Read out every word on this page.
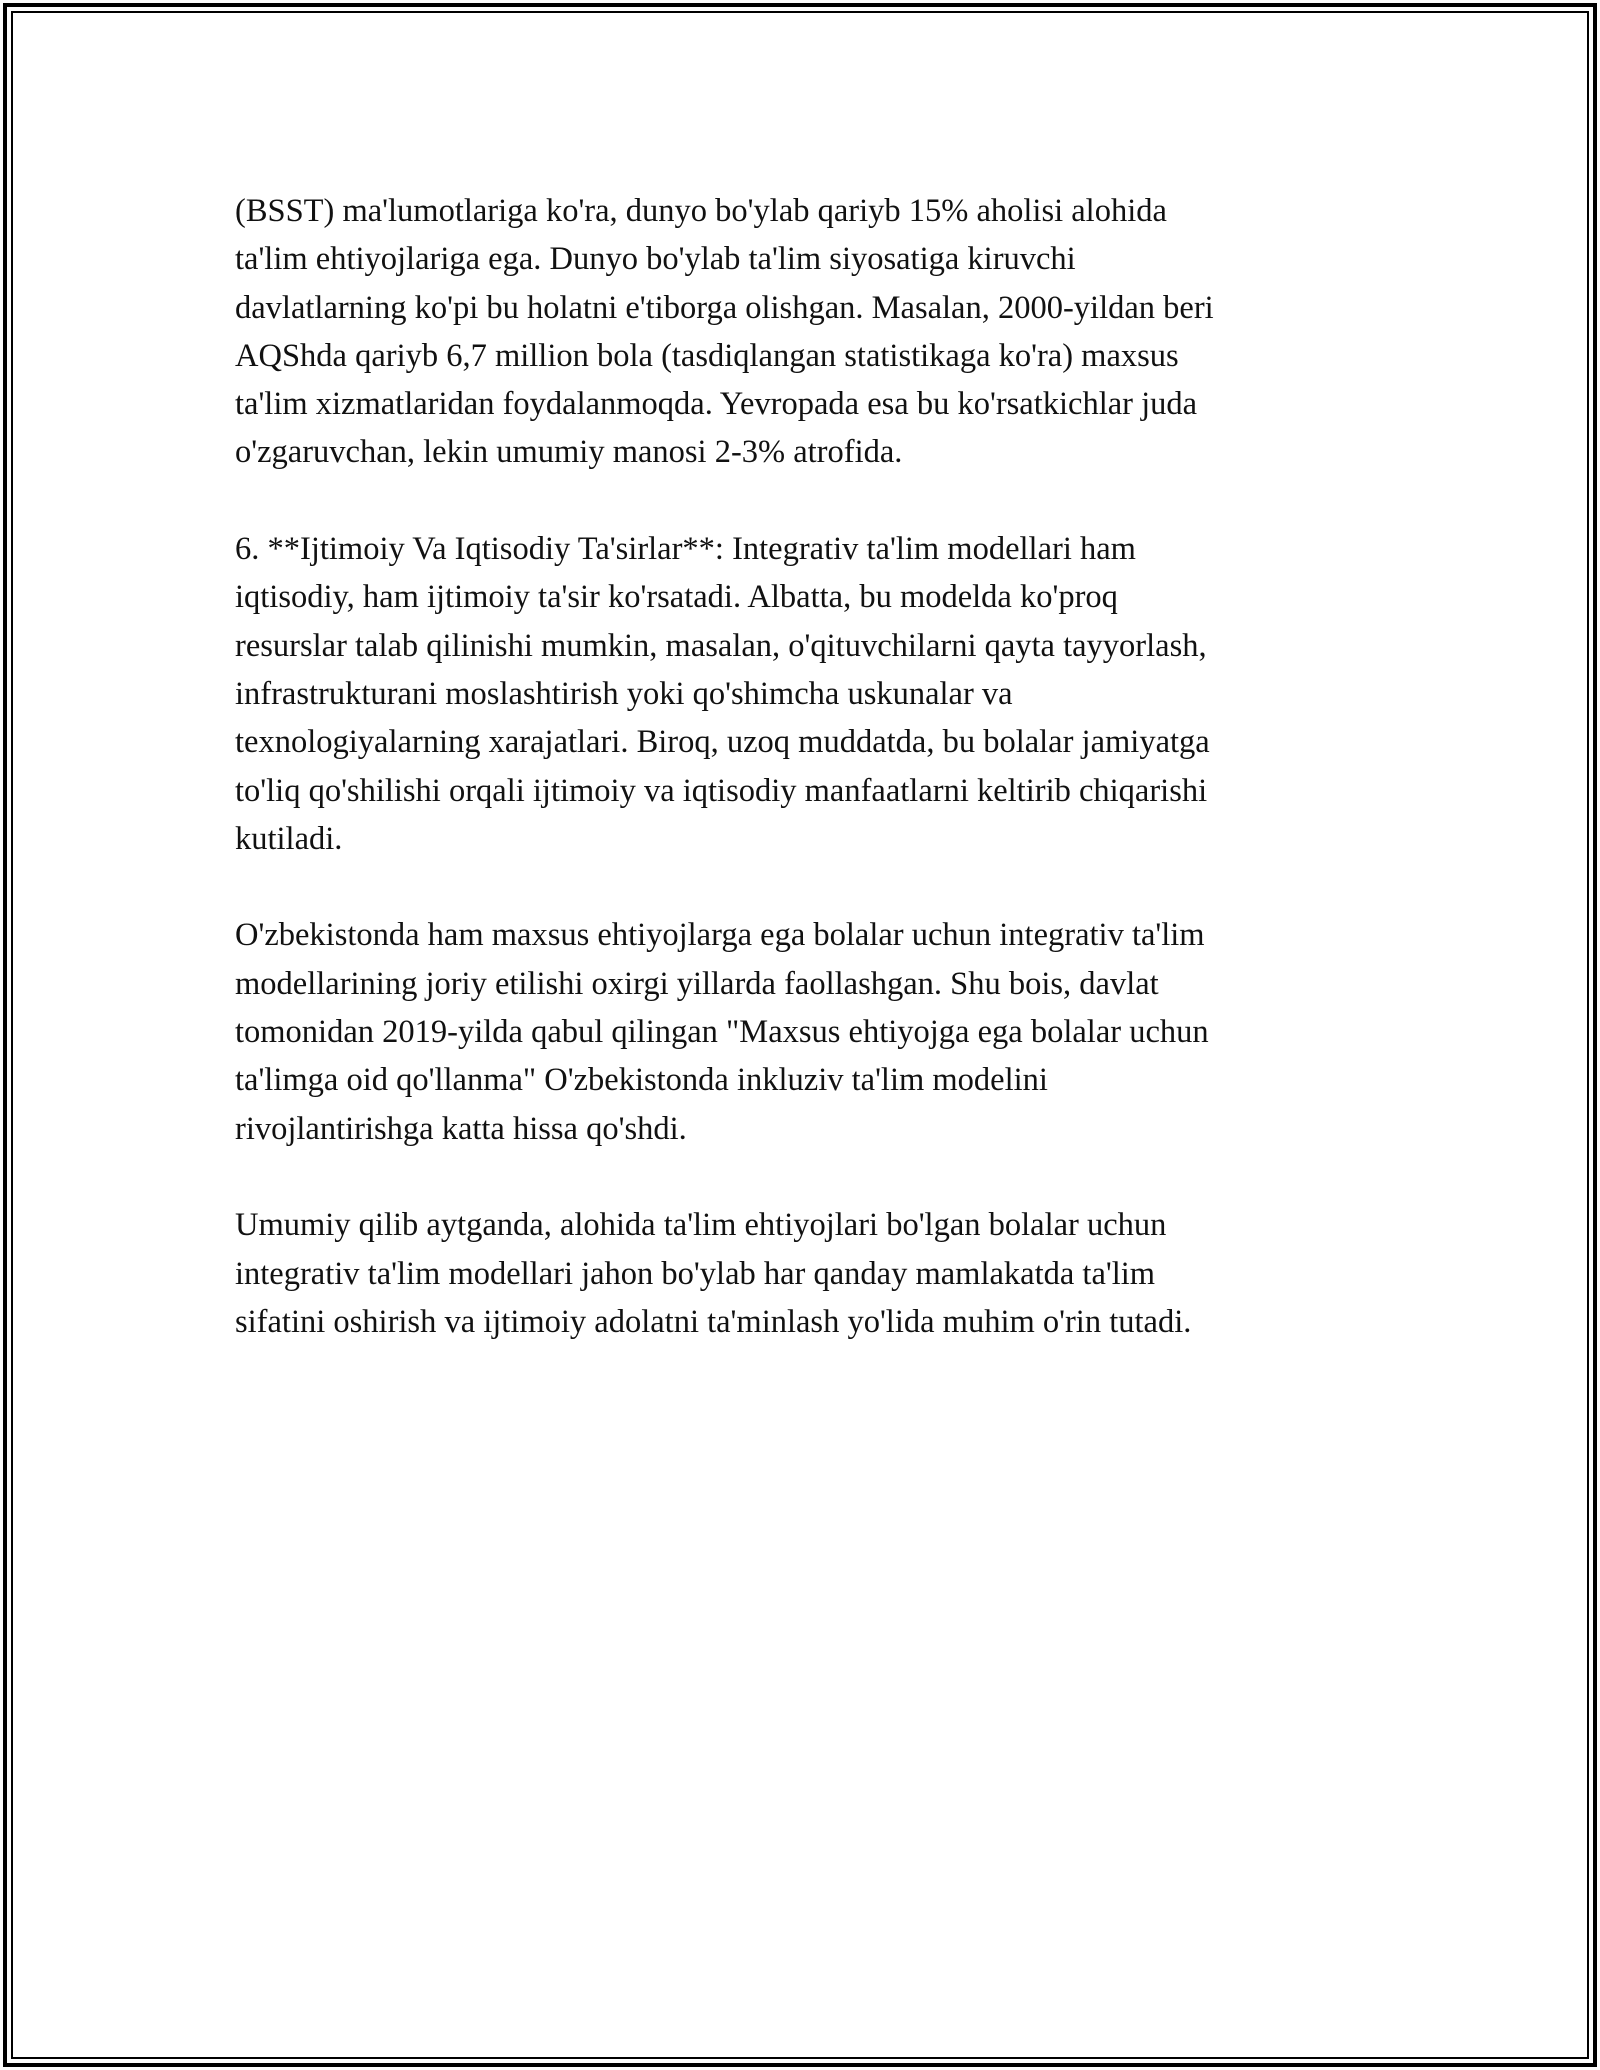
(BSST) ma'lumotlariga ko'ra, dunyo bo'ylab qariyb 15% aholisi alohida
ta'lim ehtiyojlariga ega. Dunyo bo'ylab ta'lim siyosatiga kiruvchi
davlatlarning ko'pi bu holatni e'tiborga olishgan. Masalan, 2000-yildan beri
AQShda qariyb 6,7 million bola (tasdiqlangan statistikaga ko'ra) maxsus
ta'lim xizmatlaridan foydalanmoqda. Yevropada esa bu ko'rsatkichlar juda
o'zgaruvchan, lekin umumiy manosi 2-3% atrofida.

6. **Ijtimoiy Va Iqtisodiy Ta'sirlar**: Integrativ ta'lim modellari ham
iqtisodiy, ham ijtimoiy ta'sir ko'rsatadi. Albatta, bu modelda ko'proq
resurslar talab qilinishi mumkin, masalan, o'qituvchilarni qayta tayyorlash,
infrastrukturani moslashtirish yoki qo'shimcha uskunalar va
texnologiyalarning xarajatlari. Biroq, uzoq muddatda, bu bolalar jamiyatga
to'liq qo'shilishi orqali ijtimoiy va iqtisodiy manfaatlarni keltirib chiqarishi
kutiladi.

O'zbekistonda ham maxsus ehtiyojlarga ega bolalar uchun integrativ ta'lim
modellarining joriy etilishi oxirgi yillarda faollashgan. Shu bois, davlat
tomonidan 2019-yilda qabul qilingan "Maxsus ehtiyojga ega bolalar uchun
ta'limga oid qo'llanma" O'zbekistonda inkluziv ta'lim modelini
rivojlantirishga katta hissa qo'shdi.

Umumiy qilib aytganda, alohida ta'lim ehtiyojlari bo'lgan bolalar uchun
integrativ ta'lim modellari jahon bo'ylab har qanday mamlakatda ta'lim
sifatini oshirish va ijtimoiy adolatni ta'minlash yo'lida muhim o'rin tutadi.
